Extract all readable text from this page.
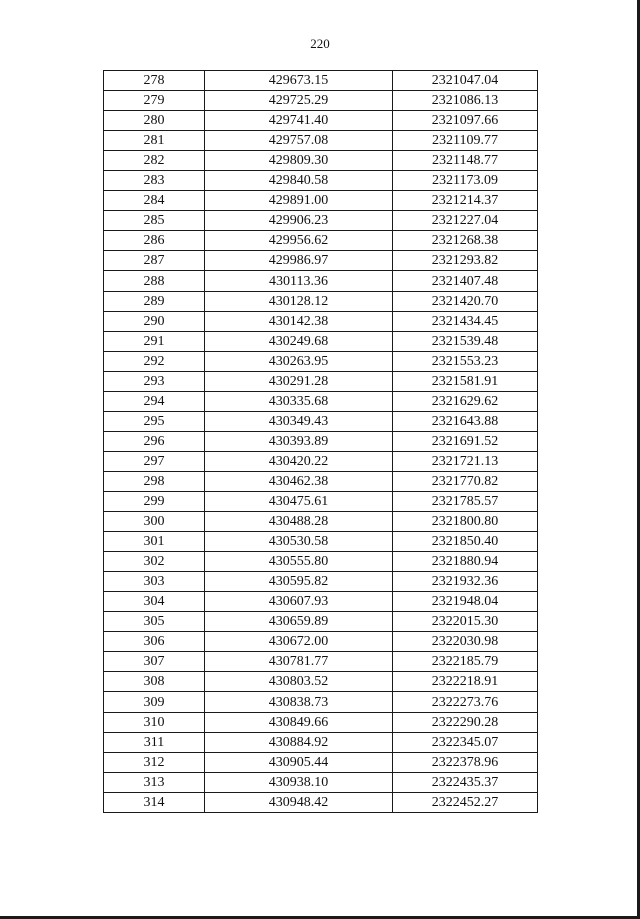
220
278	429673.15	2321047.04
279	429725.29	2321086.13
280	429741.40	2321097.66
281	429757.08	2321109.77
282	429809.30	2321148.77
283	429840.58	2321173.09
284	429891.00	2321214.37
285	429906.23	2321227.04
286	429956.62	2321268.38
287	429986.97	2321293.82
288	430113.36	2321407.48
289	430128.12	2321420.70
290	430142.38	2321434.45
291	430249.68	2321539.48
292	430263.95	2321553.23
293	430291.28	2321581.91
294	430335.68	2321629.62
295	430349.43	2321643.88
296	430393.89	2321691.52
297	430420.22	2321721.13
298	430462.38	2321770.82
299	430475.61	2321785.57
300	430488.28	2321800.80
301	430530.58	2321850.40
302	430555.80	2321880.94
303	430595.82	2321932.36
304	430607.93	2321948.04
305	430659.89	2322015.30
306	430672.00	2322030.98
307	430781.77	2322185.79
308	430803.52	2322218.91
309	430838.73	2322273.76
310	430849.66	2322290.28
311	430884.92	2322345.07
312	430905.44	2322378.96
313	430938.10	2322435.37
314	430948.42	2322452.27
